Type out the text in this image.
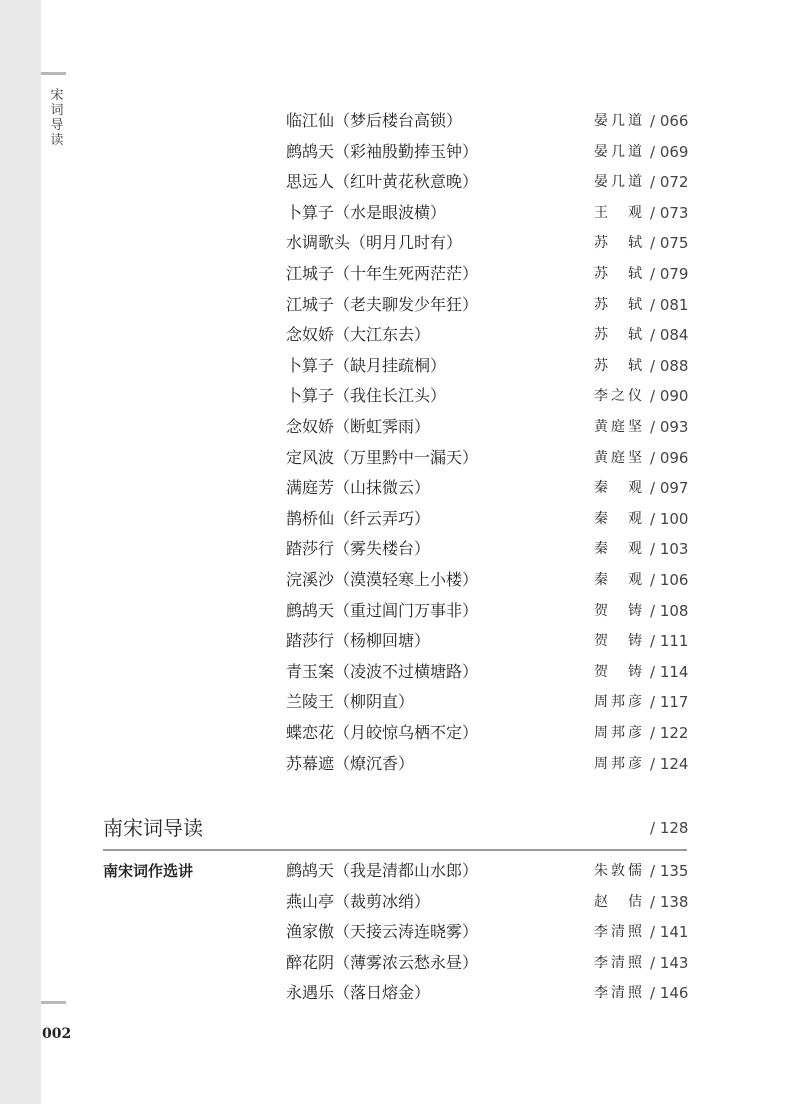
宋词导读
002
临江仙（梦后楼台高锁）	晏几道 / 066
鹧鸪天（彩袖殷勤捧玉钟）	晏几道 / 069
思远人（红叶黄花秋意晚）	晏几道 / 072
卜算子（水是眼波横）	王观 / 073
水调歌头（明月几时有）	苏轼 / 075
江城子（十年生死两茫茫）	苏轼 / 079
江城子（老夫聊发少年狂）	苏轼 / 081
念奴娇（大江东去）	苏轼 / 084
卜算子（缺月挂疏桐）	苏轼 / 088
卜算子（我住长江头）	李之仪 / 090
念奴娇（断虹霁雨）	黄庭坚 / 093
定风波（万里黔中一漏天）	黄庭坚 / 096
满庭芳（山抹微云）	秦观 / 097
鹊桥仙（纤云弄巧）	秦观 / 100
踏莎行（雾失楼台）	秦观 / 103
浣溪沙（漠漠轻寒上小楼）	秦观 / 106
鹧鸪天（重过阊门万事非）	贺铸 / 108
踏莎行（杨柳回塘）	贺铸 / 111
青玉案（凌波不过横塘路）	贺铸 / 114
兰陵王（柳阴直）	周邦彦 / 117
蝶恋花（月皎惊乌栖不定）	周邦彦 / 122
苏幕遮（燎沉香）	周邦彦 / 124
南宋词导读	/ 128
南宋词作选讲	鹧鸪天（我是清都山水郎）	朱敦儒 / 135
燕山亭（裁剪冰绡）	赵佶 / 138
渔家傲（天接云涛连晓雾）	李清照 / 141
醉花阴（薄雾浓云愁永昼）	李清照 / 143
永遇乐（落日熔金）	李清照 / 146
